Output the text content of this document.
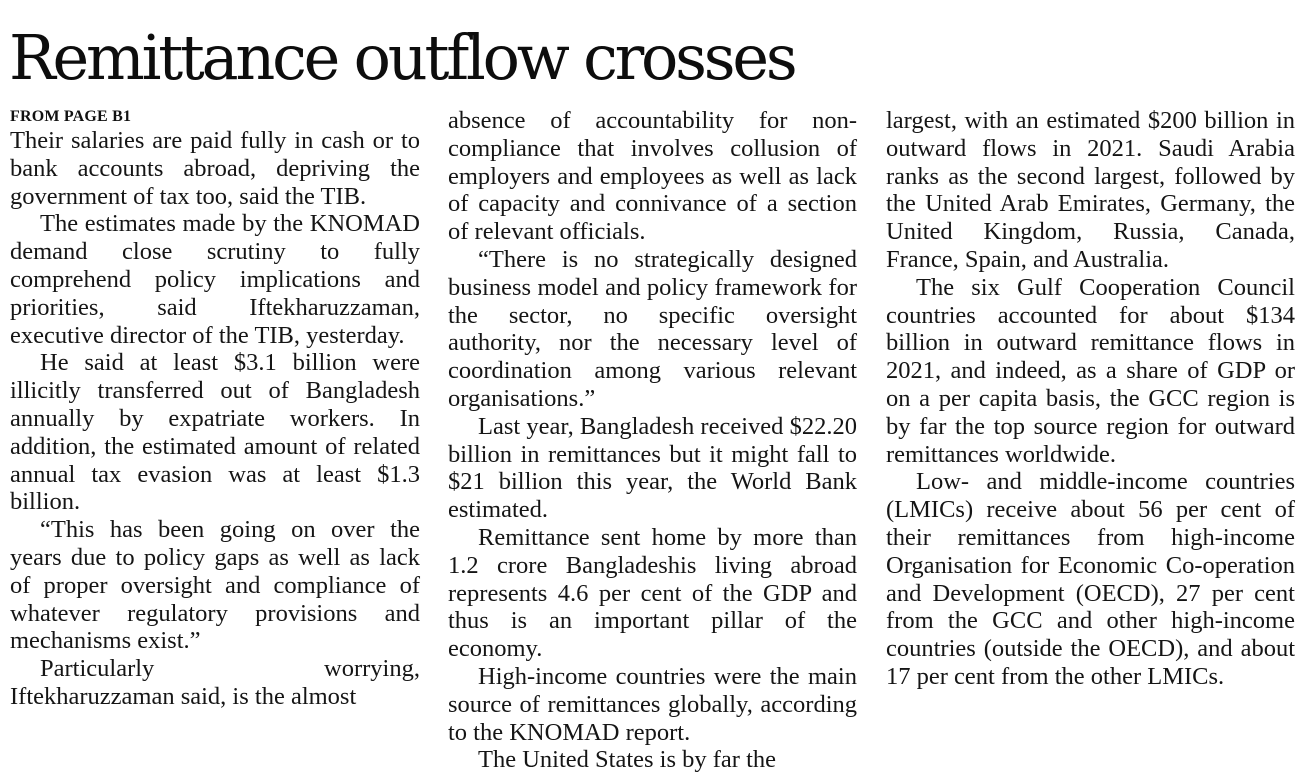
Remittance outflow crosses
FROM PAGE B1

Their salaries are paid fully in cash or to bank accounts abroad, depriving the government of tax too, said the TIB.

The estimates made by the KNOMAD demand close scrutiny to fully comprehend policy implications and priorities, said Iftekharuzzaman, executive director of the TIB, yesterday.

He said at least $3.1 billion were illicitly transferred out of Bangladesh annually by expatriate workers. In addition, the estimated amount of related annual tax evasion was at least $1.3 billion.

“This has been going on over the years due to policy gaps as well as lack of proper oversight and compliance of whatever regulatory provisions and mechanisms exist.”

Particularly worrying, Iftekharuzzaman said, is the almost

absence of accountability for non-compliance that involves collusion of employers and employees as well as lack of capacity and connivance of a section of relevant officials.

“There is no strategically designed business model and policy framework for the sector, no specific oversight authority, nor the necessary level of coordination among various relevant organisations.”

Last year, Bangladesh received $22.20 billion in remittances but it might fall to $21 billion this year, the World Bank estimated.

Remittance sent home by more than 1.2 crore Bangladeshis living abroad represents 4.6 per cent of the GDP and thus is an important pillar of the economy.

High-income countries were the main source of remittances globally, according to the KNOMAD report.

The United States is by far the

largest, with an estimated $200 billion in outward flows in 2021. Saudi Arabia ranks as the second largest, followed by the United Arab Emirates, Germany, the United Kingdom, Russia, Canada, France, Spain, and Australia.

The six Gulf Cooperation Council countries accounted for about $134 billion in outward remittance flows in 2021, and indeed, as a share of GDP or on a per capita basis, the GCC region is by far the top source region for outward remittances worldwide.

Low- and middle-income countries (LMICs) receive about 56 per cent of their remittances from high-income Organisation for Economic Co-operation and Development (OECD), 27 per cent from the GCC and other high-income countries (outside the OECD), and about 17 per cent from the other LMICs.
